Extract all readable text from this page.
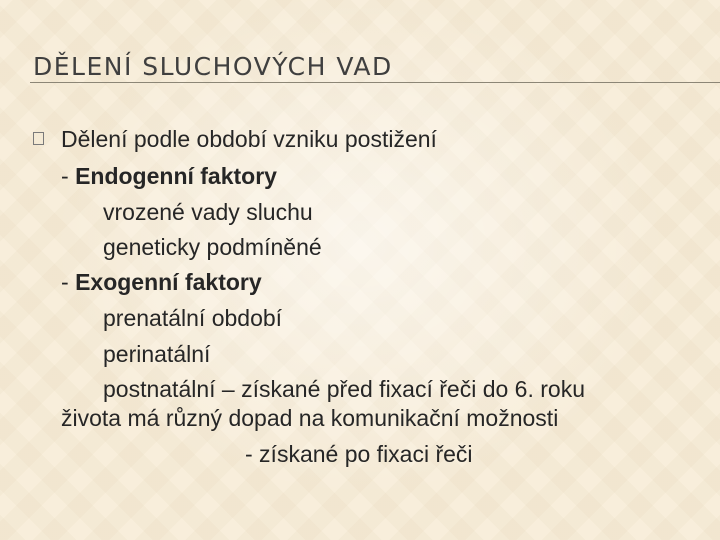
DĚLENÍ SLUCHOVÝCH VAD
Dělení podle období vzniku postižení
- Endogenní faktory
vrozené vady sluchu
geneticky podmíněné
- Exogenní faktory
prenatální období
perinatální
postnatální – získané před fixací řeči do 6. roku
života má různý dopad na komunikační možnosti
- získané po fixaci řeči
